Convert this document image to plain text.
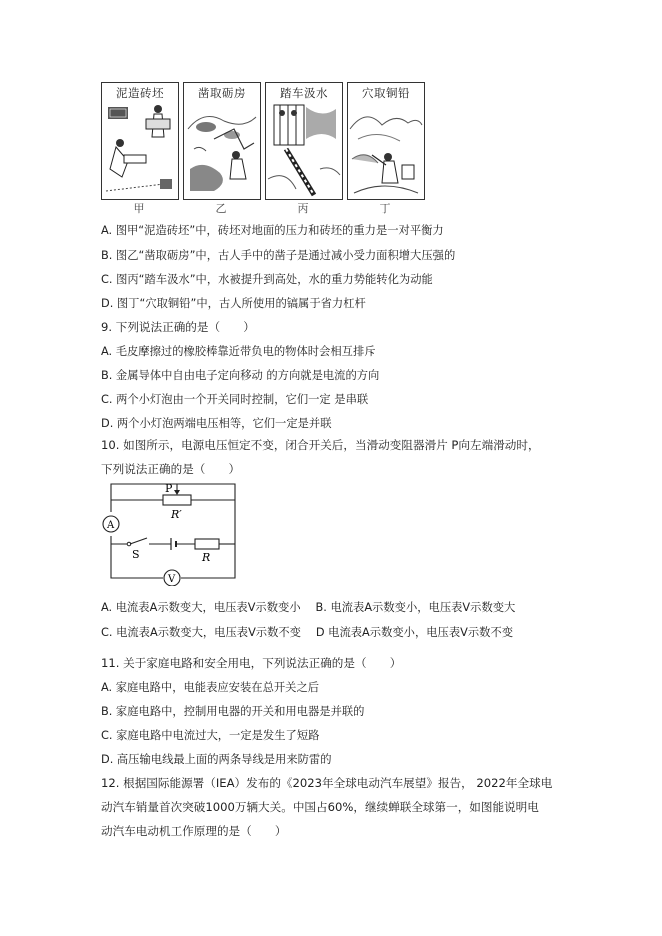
泥造砖坯
甲
凿取砺房
乙
踏车汲水
丙
穴取铜铅
丁
A. 图甲“泥造砖坯”中，砖坯对地面的压力和砖坯的重力是一对平衡力
B. 图乙“凿取砺房”中，古人手中的凿子是通过减小受力面积增大压强的
C. 图丙“踏车汲水”中，水被提升到高处，水的重力势能转化为动能
D. 图丁“穴取铜铅”中，古人所使用的镐属于省力杠杆
9. 下列说法正确的是（　　）
A. 毛皮摩擦过的橡胶棒靠近带负电的物体时会相互排斥
B. 金属导体中自由电子定向移动 的方向就是电流的方向
C. 两个小灯泡由一个开关同时控制，它们一定 是串联
D. 两个小灯泡两端电压相等，它们一定是并联
10. 如图所示，电源电压恒定不变，闭合开关后，当滑动变阻器滑片 P向左端滑动时，
下列说法正确的是（　　）
P
R′
A
S	R
V
A. 电流表A示数变大，电压表V示数变小　 B. 电流表A示数变小，电压表V示数变大
C. 电流表A示数变大，电压表V示数不变　 D 电流表A示数变小，电压表V示数不变
11. 关于家庭电路和安全用电，下列说法正确的是（　　）
A. 家庭电路中，电能表应安装在总开关之后
B. 家庭电路中，控制用电器的开关和用电器是并联的
C. 家庭电路中电流过大，一定是发生了短路
D. 高压输电线最上面的两条导线是用来防雷的
12. 根据国际能源署（IEA）发布的《2023年全球电动汽车展望》报告， 2022年全球电
动汽车销量首次突破1000万辆大关。中国占60%，继续蝉联全球第一，如图能说明电
动汽车电动机工作原理的是（　　）
